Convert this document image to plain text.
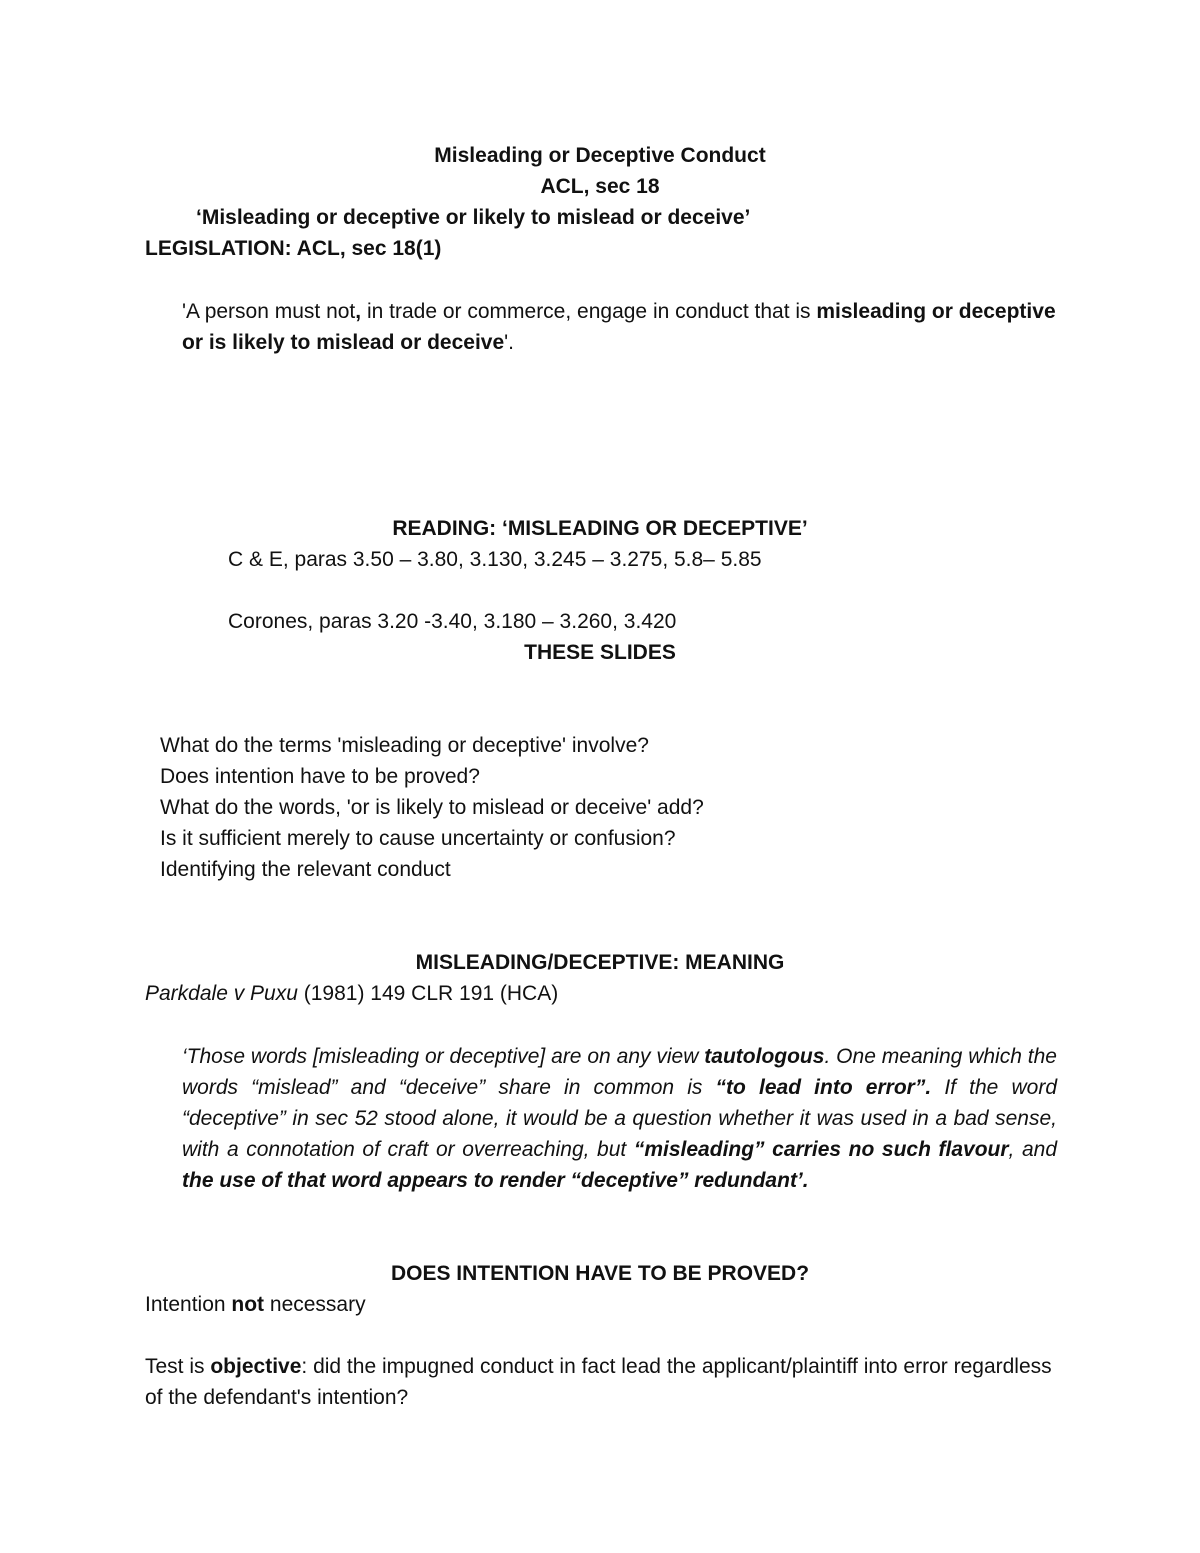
Misleading or Deceptive Conduct
ACL, sec 18
‘Misleading or deceptive or likely to mislead or deceive’
LEGISLATION: ACL, sec 18(1)
'A person must not, in trade or commerce, engage in conduct that is misleading or deceptive or is likely to mislead or deceive'.
READING: ‘MISLEADING OR DECEPTIVE’
C & E, paras 3.50 – 3.80, 3.130, 3.245 – 3.275, 5.8– 5.85
Corones, paras 3.20 -3.40, 3.180 – 3.260, 3.420
THESE SLIDES
What do the terms 'misleading or deceptive' involve?
Does intention have to be proved?
What do the words, 'or is likely to mislead or deceive' add?
Is it sufficient merely to cause uncertainty or confusion?
Identifying the relevant conduct
MISLEADING/DECEPTIVE: MEANING
Parkdale v Puxu (1981) 149 CLR 191 (HCA)
‘Those words [misleading or deceptive] are on any view tautologous. One meaning which the words “mislead” and “deceive” share in common is “to lead into error”. If the word “deceptive” in sec 52 stood alone, it would be a question whether it was used in a bad sense, with a connotation of craft or overreaching, but “misleading” carries no such flavour, and the use of that word appears to render “deceptive” redundant’.
DOES INTENTION HAVE TO BE PROVED?
Intention not necessary
Test is objective: did the impugned conduct in fact lead the applicant/plaintiff into error regardless of the defendant's intention?
